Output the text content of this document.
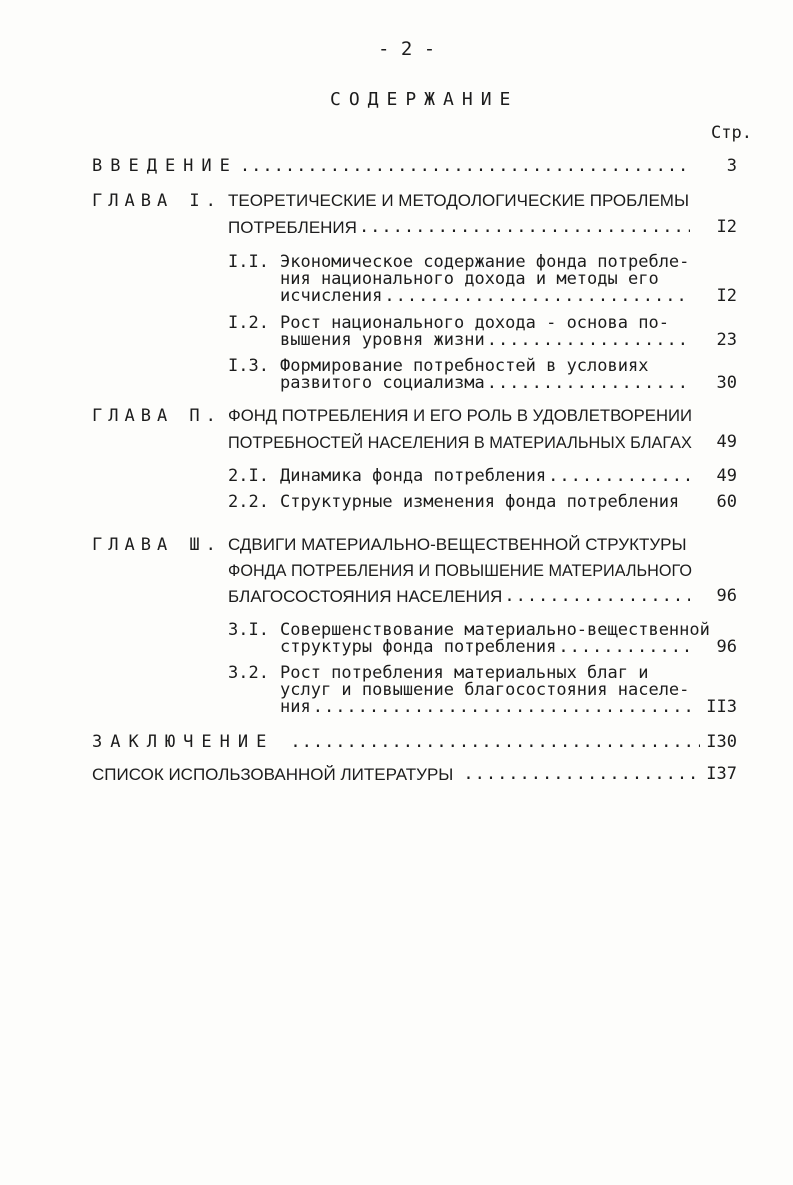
- 2 -
СОДЕРЖАНИЕ
Стр.
ВВЕДЕНИЕ .....	3
ГЛАВА I. ТЕОРЕТИЧЕСКИЕ И МЕТОДОЛОГИЧЕСКИЕ ПРОБЛЕМЫ
ПОТРЕБЛЕНИЯ .....	I2
I.I. Экономическое содержание фонда потребле-
ния национального дохода и методы его
исчисления .....	I2
I.2. Рост национального дохода - основа по-
вышения уровня жизни .....	23
I.3. Формирование потребностей в условиях
развитого социализма .....	30
ГЛАВА П. ФОНД ПОТРЕБЛЕНИЯ И ЕГО РОЛЬ В УДОВЛЕТВОРЕНИИ
ПОТРЕБНОСТЕЙ НАСЕЛЕНИЯ В МАТЕРИАЛЬНЫХ БЛАГАХ	49
2.I. Динамика фонда потребления .....	49
2.2. Структурные изменения фонда потребления	60
ГЛАВА Ш. СДВИГИ МАТЕРИАЛЬНО-ВЕЩЕСТВЕННОЙ СТРУКТУРЫ
ФОНДА ПОТРЕБЛЕНИЯ И ПОВЫШЕНИЕ МАТЕРИАЛЬНОГО
БЛАГОСОСТОЯНИЯ НАСЕЛЕНИЯ .....	96
3.I. Совершенствование материально-вещественной
структуры фонда потребления .....	96
3.2. Рост потребления материальных благ и
услуг и повышение благосостояния населе-
ния .....	II3
ЗАКЛЮЧЕНИЕ .....	I30
СПИСОК ИСПОЛЬЗОВАННОЙ ЛИТЕРАТУРЫ .....	I37
